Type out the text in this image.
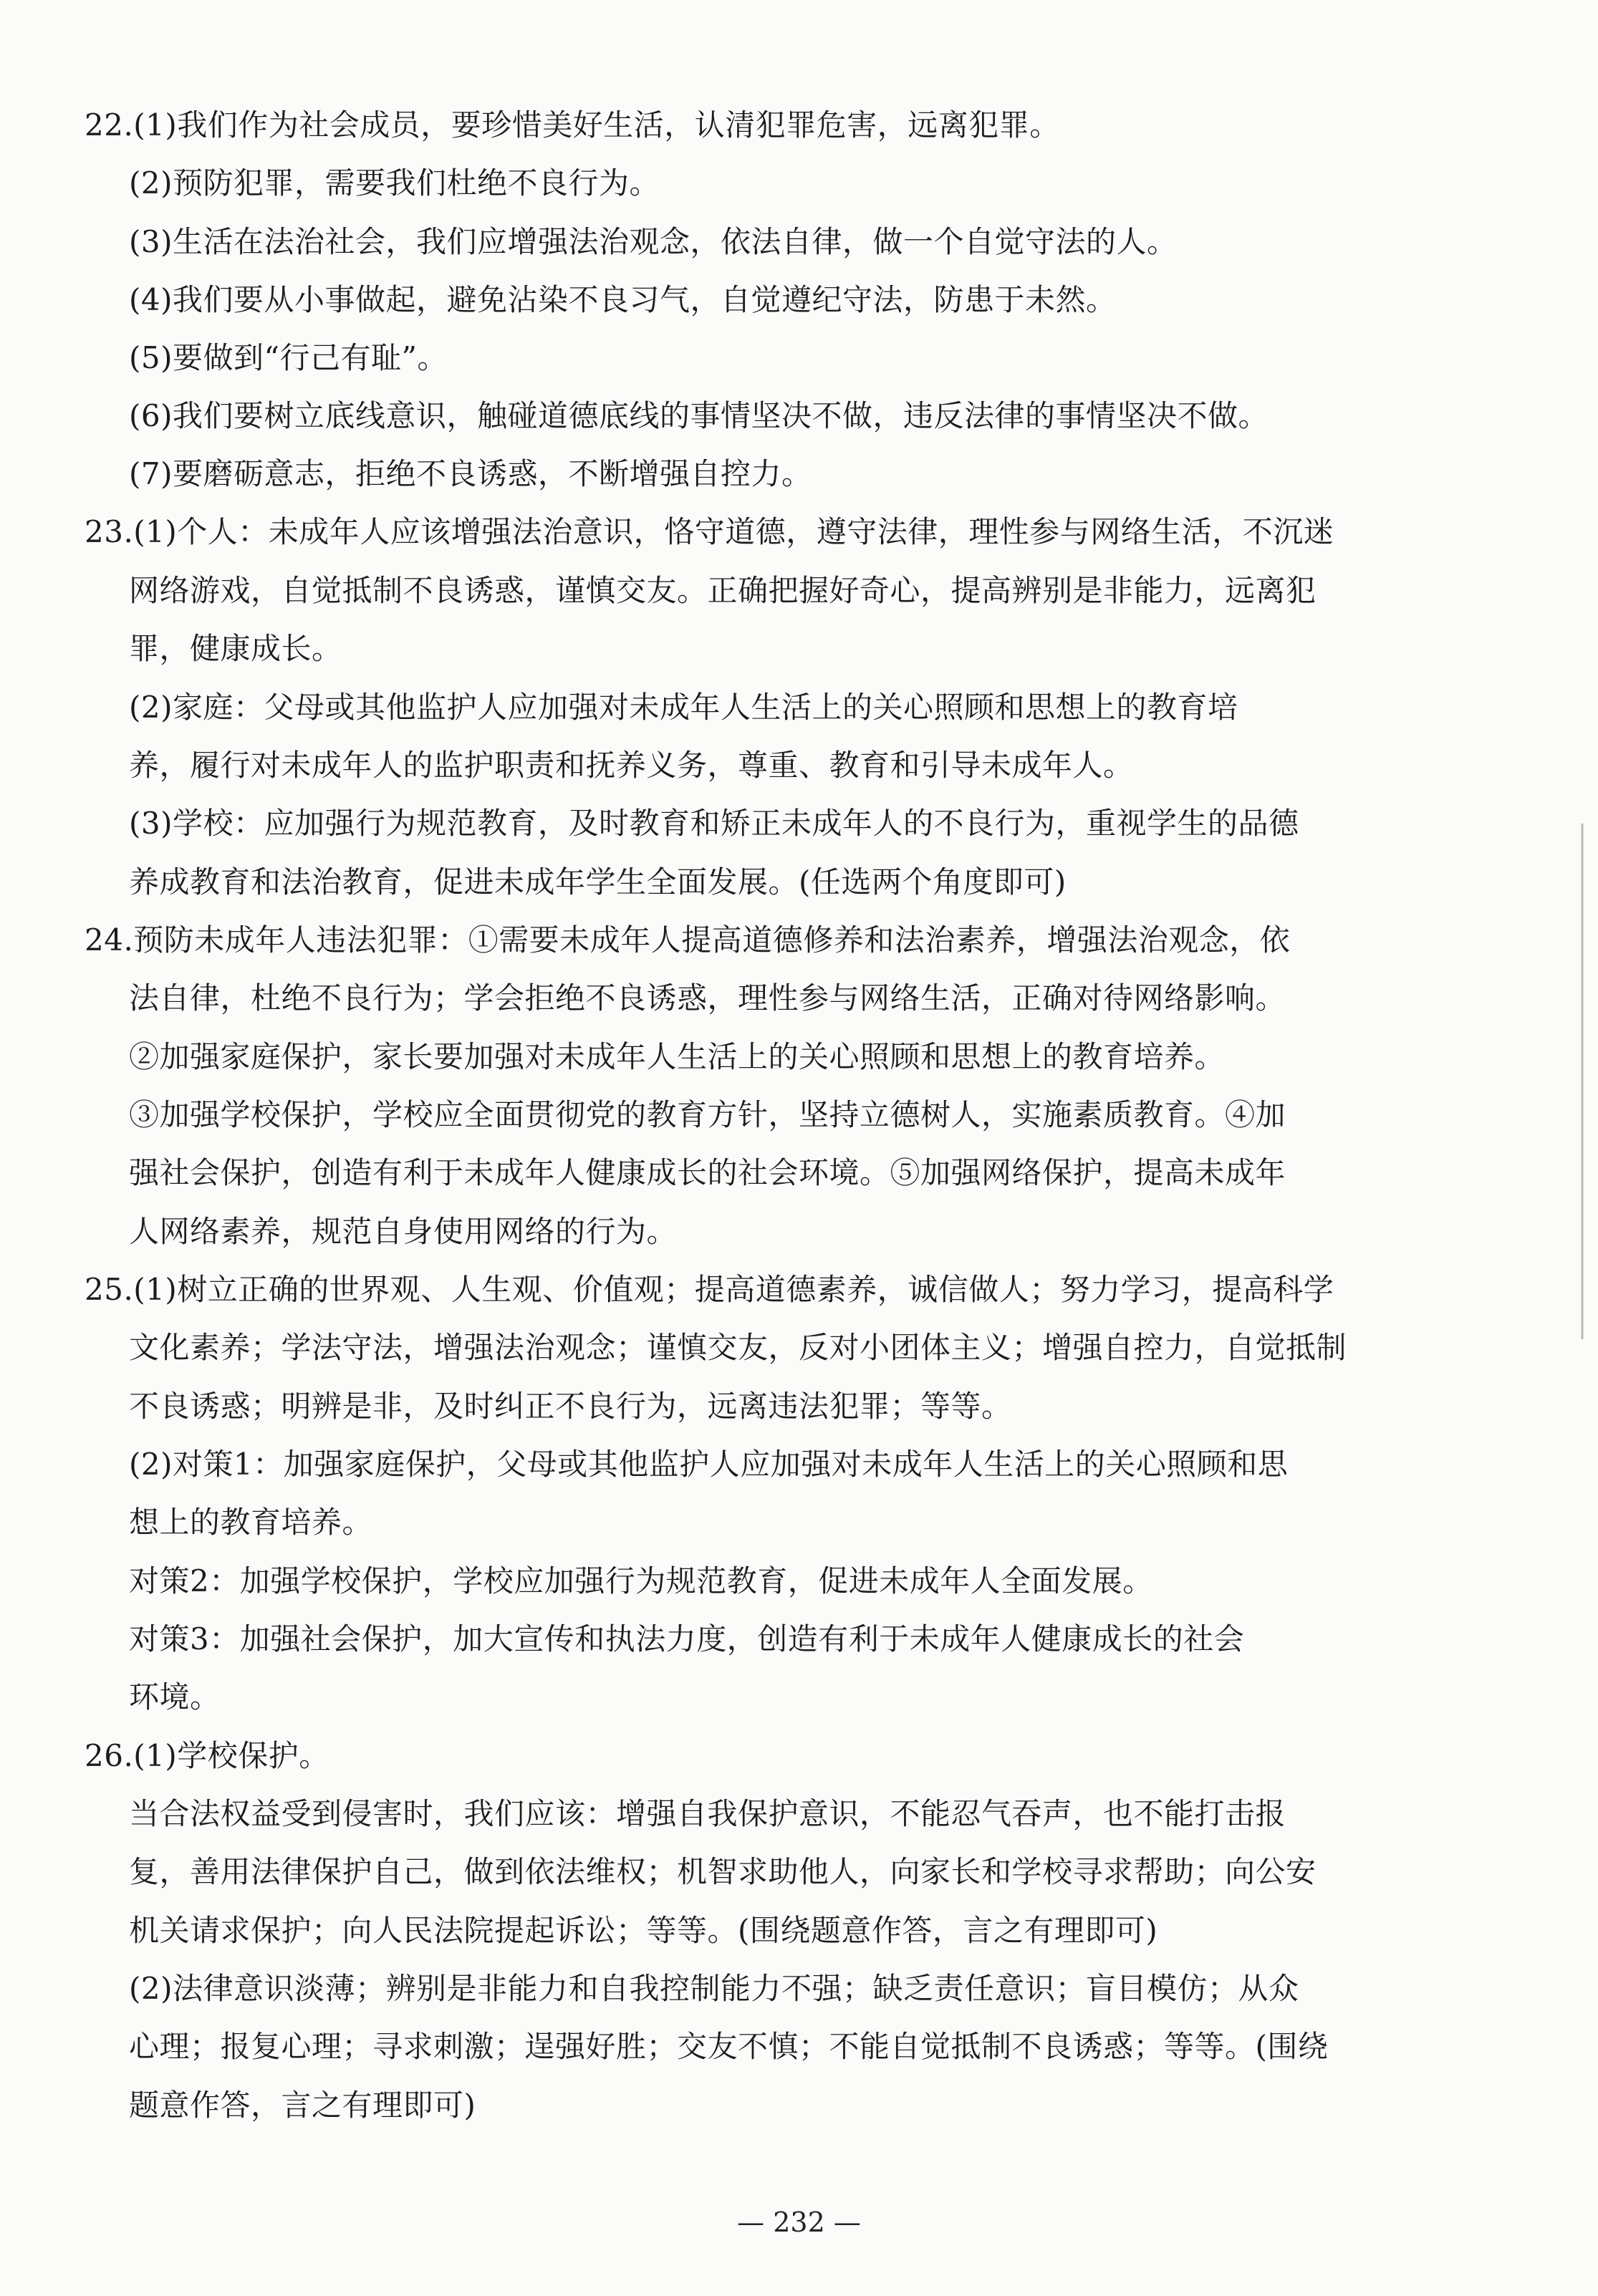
22.(1)我们作为社会成员，要珍惜美好生活，认清犯罪危害，远离犯罪。
(2)预防犯罪，需要我们杜绝不良行为。
(3)生活在法治社会，我们应增强法治观念，依法自律，做一个自觉守法的人。
(4)我们要从小事做起，避免沾染不良习气，自觉遵纪守法，防患于未然。
(5)要做到“行己有耻”。
(6)我们要树立底线意识，触碰道德底线的事情坚决不做，违反法律的事情坚决不做。
(7)要磨砺意志，拒绝不良诱惑，不断增强自控力。
23.(1)个人：未成年人应该增强法治意识，恪守道德，遵守法律，理性参与网络生活，不沉迷
网络游戏，自觉抵制不良诱惑，谨慎交友。正确把握好奇心，提高辨别是非能力，远离犯
罪，健康成长。
(2)家庭：父母或其他监护人应加强对未成年人生活上的关心照顾和思想上的教育培
养，履行对未成年人的监护职责和抚养义务，尊重、教育和引导未成年人。
(3)学校：应加强行为规范教育，及时教育和矫正未成年人的不良行为，重视学生的品德
养成教育和法治教育，促进未成年学生全面发展。(任选两个角度即可)
24.预防未成年人违法犯罪：①需要未成年人提高道德修养和法治素养，增强法治观念，依
法自律，杜绝不良行为；学会拒绝不良诱惑，理性参与网络生活，正确对待网络影响。
②加强家庭保护，家长要加强对未成年人生活上的关心照顾和思想上的教育培养。
③加强学校保护，学校应全面贯彻党的教育方针，坚持立德树人，实施素质教育。④加
强社会保护，创造有利于未成年人健康成长的社会环境。⑤加强网络保护，提高未成年
人网络素养，规范自身使用网络的行为。
25.(1)树立正确的世界观、人生观、价值观；提高道德素养，诚信做人；努力学习，提高科学
文化素养；学法守法，增强法治观念；谨慎交友，反对小团体主义；增强自控力，自觉抵制
不良诱惑；明辨是非，及时纠正不良行为，远离违法犯罪；等等。
(2)对策1：加强家庭保护，父母或其他监护人应加强对未成年人生活上的关心照顾和思
想上的教育培养。
对策2：加强学校保护，学校应加强行为规范教育，促进未成年人全面发展。
对策3：加强社会保护，加大宣传和执法力度，创造有利于未成年人健康成长的社会
环境。
26.(1)学校保护。
当合法权益受到侵害时，我们应该：增强自我保护意识，不能忍气吞声，也不能打击报
复，善用法律保护自己，做到依法维权；机智求助他人，向家长和学校寻求帮助；向公安
机关请求保护；向人民法院提起诉讼；等等。(围绕题意作答，言之有理即可)
(2)法律意识淡薄；辨别是非能力和自我控制能力不强；缺乏责任意识；盲目模仿；从众
心理；报复心理；寻求刺激；逞强好胜；交友不慎；不能自觉抵制不良诱惑；等等。(围绕
题意作答，言之有理即可)
— 232 —
